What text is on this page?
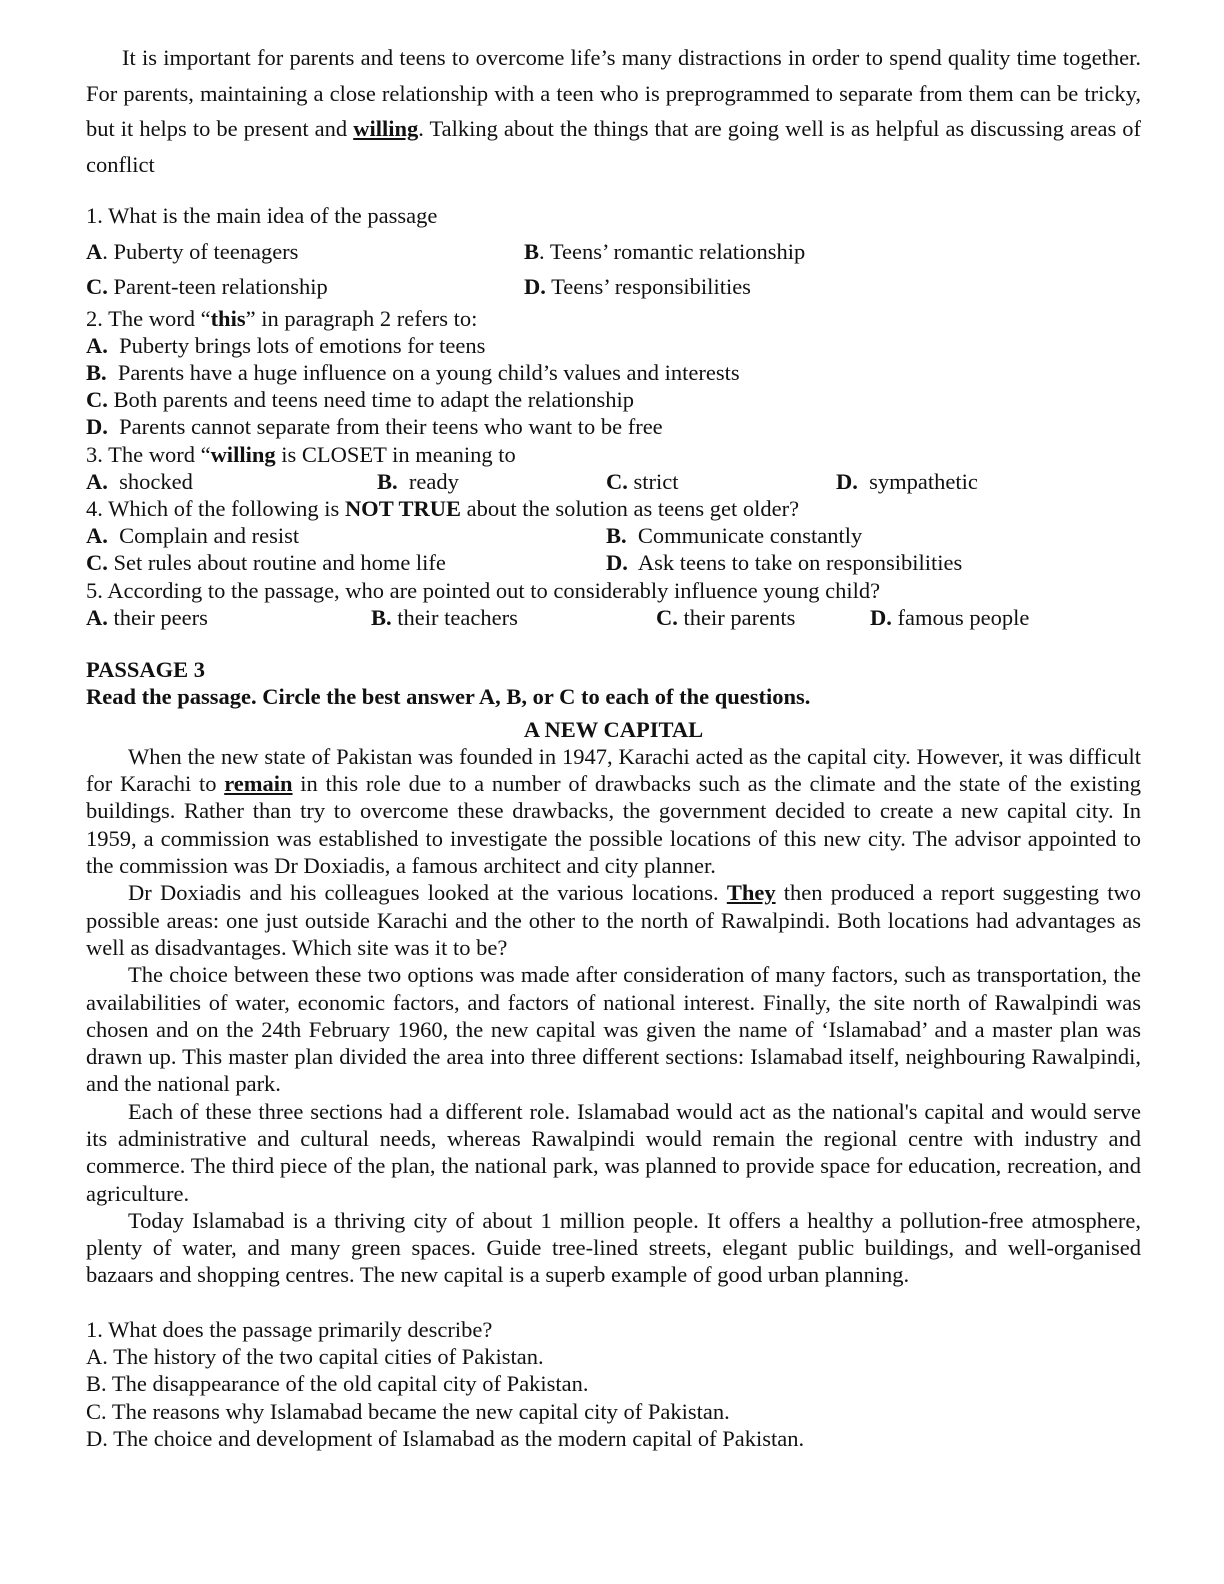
It is important for parents and teens to overcome life’s many distractions in order to spend quality time together. For parents, maintaining a close relationship with a teen who is preprogrammed to separate from them can be tricky, but it helps to be present and willing. Talking about the things that are going well is as helpful as discussing areas of conflict

1. What is the main idea of the passage
A. Puberty of teenagers	B. Teens’ romantic relationship
C. Parent-teen relationship	D. Teens’ responsibilities
2. The word “this” in paragraph 2 refers to:
A.  Puberty brings lots of emotions for teens
B.  Parents have a huge influence on a young child’s values and interests
C. Both parents and teens need time to adapt the relationship
D.  Parents cannot separate from their teens who want to be free
3. The word “willing is CLOSET in meaning to
A.  shocked	B.  ready	C. strict	D.  sympathetic
4. Which of the following is NOT TRUE about the solution as teens get older?
A.  Complain and resist	B.  Communicate constantly
C. Set rules about routine and home life	D.  Ask teens to take on responsibilities
5. According to the passage, who are pointed out to considerably influence young child?
A. their peers	B. their teachers	C. their parents	D. famous people
PASSAGE 3
Read the passage. Circle the best answer A, B, or C to each of the questions.
A NEW CAPITAL

When the new state of Pakistan was founded in 1947, Karachi acted as the capital city. However, it was difficult for Karachi to remain in this role due to a number of drawbacks such as the climate and the state of the existing buildings. Rather than try to overcome these drawbacks, the government decided to create a new capital city. In 1959, a commission was established to investigate the possible locations of this new city. The advisor appointed to the commission was Dr Doxiadis, a famous architect and city planner.

Dr Doxiadis and his colleagues looked at the various locations. They then produced a report suggesting two possible areas: one just outside Karachi and the other to the north of Rawalpindi. Both locations had advantages as well as disadvantages. Which site was it to be?

The choice between these two options was made after consideration of many factors, such as transportation, the availabilities of water, economic factors, and factors of national interest. Finally, the site north of Rawalpindi was chosen and on the 24th February 1960, the new capital was given the name of ‘Islamabad’ and a master plan was drawn up. This master plan divided the area into three different sections: Islamabad itself, neighbouring Rawalpindi, and the national park.

Each of these three sections had a different role. Islamabad would act as the national's capital and would serve its administrative and cultural needs, whereas Rawalpindi would remain the regional centre with industry and commerce. The third piece of the plan, the national park, was planned to provide space for education, recreation, and agriculture.

Today Islamabad is a thriving city of about 1 million people. It offers a healthy a pollution-free atmosphere, plenty of water, and many green spaces. Guide tree-lined streets, elegant public buildings, and well-organised bazaars and shopping centres. The new capital is a superb example of good urban planning.

1. What does the passage primarily describe?
A. The history of the two capital cities of Pakistan.
B. The disappearance of the old capital city of Pakistan.
C. The reasons why Islamabad became the new capital city of Pakistan.
D. The choice and development of Islamabad as the modern capital of Pakistan.
